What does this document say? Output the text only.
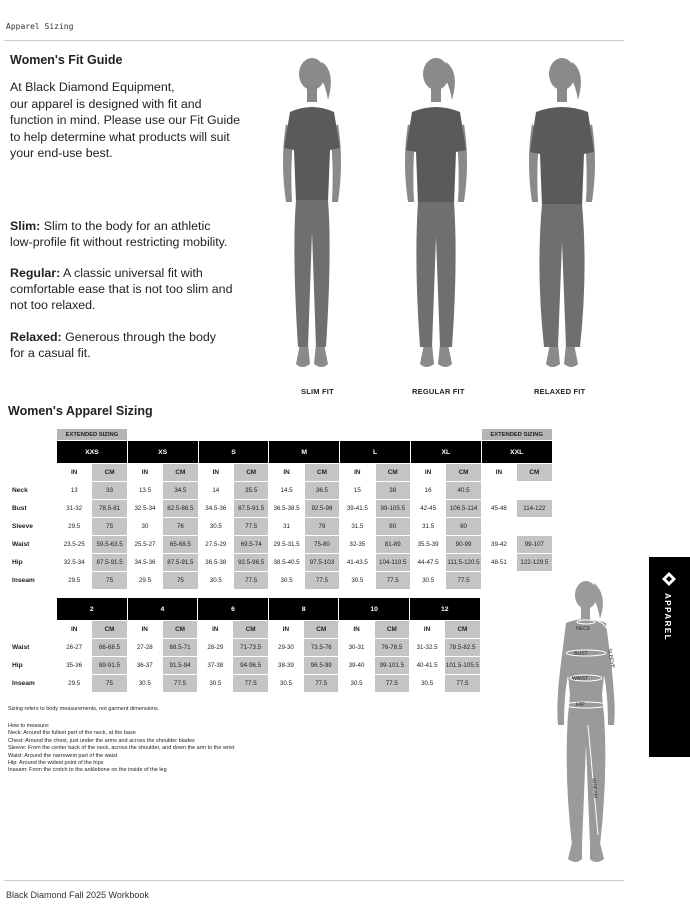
Apparel Sizing
Women's Fit Guide
At Black Diamond Equipment,
our apparel is designed with fit and
function in mind. Please use our Fit Guide
to help determine what products will suit
your end-use best.
Slim: Slim to the body for an athletic
low-profile fit without restricting mobility.
Regular: A classic universal fit with
comfortable ease that is not too slim and
not too relaxed.
Relaxed: Generous through the body
for a casual fit.
SLIM FIT	REGULAR FIT	RELAXED FIT
Women's Apparel Sizing
	EXTENDED SIZING												EXTENDED SIZING	
	XXS		XS		S		M		L		XL		XXL	
	IN	CM	IN	CM	IN	CM	IN	CM	IN	CM	IN	CM	IN	CM
Neck	13	33	13.5	34.5	14	35.5	14.5	36.5	15	38	16	40.5		
Bust	31-32	78.5-81	32.5-34	82.5-86.5	34.5-36	87.5-91.5	36.5-38.5	92.5-98	39-41.5	99-105.5	42-45	106.5-114	45-48	114-122
Sleeve	29.5	75	30	76	30.5	77.5	31	79	31.5	80	31.5	80		
Waist	23.5-25	59.5-63.5	25.5-27	65-68.5	27.5-29	69.5-74	29.5-31.5	75-80	32-35	81-89	35.5-39	90-99	39-42	99-107
Hip	32.5-34	87.5-91.5	34.5-36	87.5-91.5	36.5-38	92.5-96.5	38.5-40.5	97.5-103	41-43.5	104-110.5	44-47.5	111.5-120.5	48-51	122-129.5
Inseam	29.5	75	29.5	75	30.5	77.5	30.5	77.5	30.5	77.5	30.5	77.5		
	2		4		6		8		10		12	
	IN	CM	IN	CM	IN	CM	IN	CM	IN	CM	IN	CM
Waist	26-27	66-68.5	27-28	68.5-71	28-29	71-73.5	29-30	73.5-76	30-31	76-78.5	31-32.5	78.5-82.5
Hip	35-36	89-91.5	36-37	91.5-94	37-38	94-96.5	38-39	96.5-99	39-40	99-101.5	40-41.5	101.5-105.5
Inseam	29.5	75	30.5	77.5	30.5	77.5	30.5	77.5	30.5	77.5	30.5	77.5
Sizing refers to body measurements, not garment dimensions.
How to measure:
Neck: Around the fullest part of the neck, at the base
Chest: Around the chest, just under the arms and across the shoulder blades
Sleeve: From the center back of the neck, across the shoulder, and down the arm to the wrist
Waist: Around the narrowest part of the waist
Hip: Around the widest point of the hips
Inseam: From the crotch to the anklebone on the inside of the leg
NECK
BUST
WAIST
HIP
SLEEVE
INSEAM
APPAREL
Black Diamond Fall 2025 Workbook
